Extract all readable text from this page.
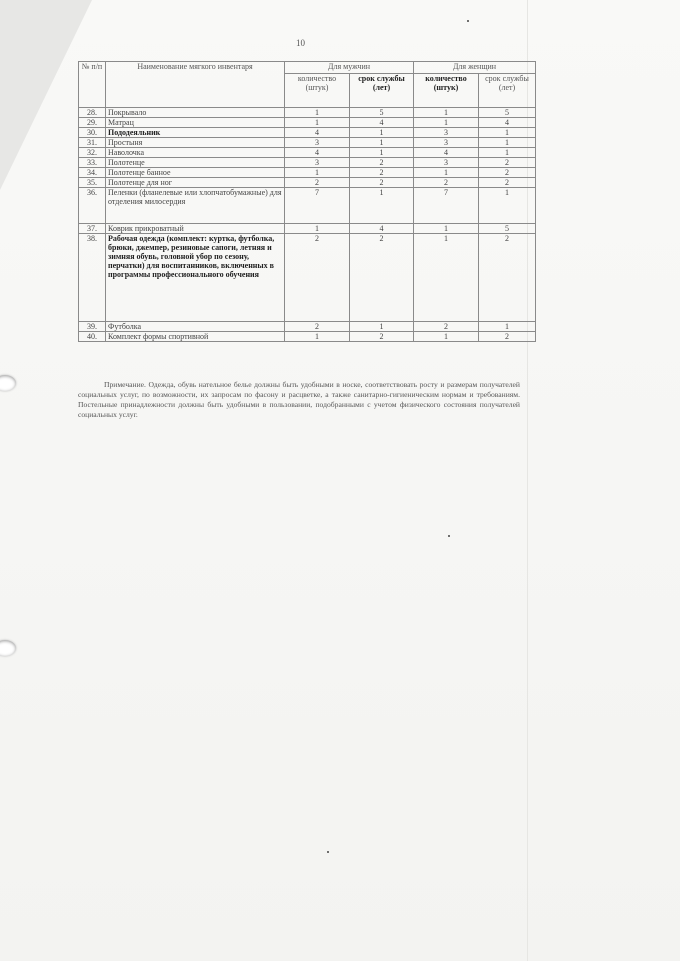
10
№ п/п	Наименование мягкого инвентаря	Для мужчин		Для женщин	
		количество (штук)	срок службы (лет)	количество (штук)	срок службы (лет)
28.	Покрывало	1	5	1	5
29.	Матрац	1	4	1	4
30.	Пододеяльник	4	1	3	1
31.	Простыня	3	1	3	1
32.	Наволочка	4	1	4	1
33.	Полотенце	3	2	3	2
34.	Полотенце банное	1	2	1	2
35.	Полотенце для ног	2	2	2	2
36.	Пеленки (фланелевые или хлопчатобумажные) для отделения милосердия	7	1	7	1
37.	Коврик прикроватный	1	4	1	5
38.	Рабочая одежда (комплект: куртка, футболка, брюки, джемпер, резиновые сапоги, летняя и зимняя обувь, головной убор по сезону, перчатки) для воспитанников, включенных в программы профессионального обучения	2	2	1	2
39.	Футболка	2	1	2	1
40.	Комплект формы спортивной	1	2	1	2
Примечание. Одежда, обувь нательное белье должны быть удобными в носке, соответствовать росту и размерам получателей социальных услуг, по возможности, их запросам по фасону и расцветке, а также санитарно-гигиеническим нормам и требованиям. Постельные принадлежности должны быть удобными в пользовании, подобранными с учетом физического состояния получателей социальных услуг.
